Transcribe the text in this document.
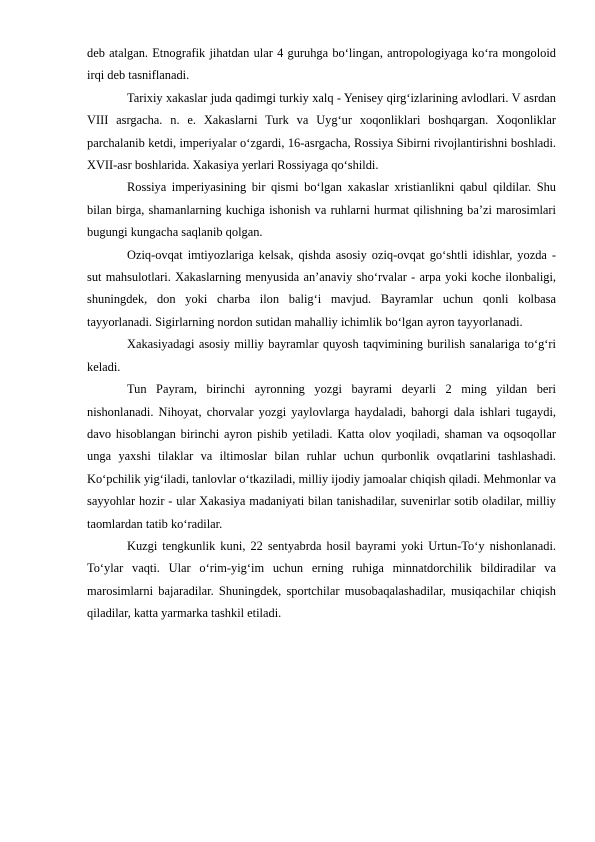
deb atalgan. Etnografik jihatdan ular 4 guruhga bo‘lingan, antropologiyaga ko‘ra mongoloid irqi deb tasniflanadi.

Tarixiy xakaslar juda qadimgi turkiy xalq - Yenisey qirg‘izlarining avlodlari. V asrdan VIII asrgacha. n. e. Xakaslarni Turk va Uyg‘ur xoqonliklari boshqargan. Xoqonliklar parchalanib ketdi, imperiyalar o‘zgardi, 16-asrgacha, Rossiya Sibirni rivojlantirishni boshladi. XVII-asr boshlarida. Xakasiya yerlari Rossiyaga qo‘shildi.

Rossiya imperiyasining bir qismi bo‘lgan xakaslar xristianlikni qabul qildilar. Shu bilan birga, shamanlarning kuchiga ishonish va ruhlarni hurmat qilishning ba’zi marosimlari bugungi kungacha saqlanib qolgan.

Oziq-ovqat imtiyozlariga kelsak, qishda asosiy oziq-ovqat go‘shtli idishlar, yozda - sut mahsulotlari. Xakaslarning menyusida an’anaviy sho‘rvalar - arpa yoki koche ilonbaligi, shuningdek, don yoki charba ilon balig‘i mavjud. Bayramlar uchun qonli kolbasa tayyorlanadi. Sigirlarning nordon sutidan mahalliy ichimlik bo‘lgan ayron tayyorlanadi.

Xakasiyadagi asosiy milliy bayramlar quyosh taqvimining burilish sanalariga to‘g‘ri keladi.

Tun Payram, birinchi ayronning yozgi bayrami deyarli 2 ming yildan beri nishonlanadi. Nihoyat, chorvalar yozgi yaylovlarga haydaladi, bahorgi dala ishlari tugaydi, davo hisoblangan birinchi ayron pishib yetiladi. Katta olov yoqiladi, shaman va oqsoqollar unga yaxshi tilaklar va iltimoslar bilan ruhlar uchun qurbonlik ovqatlarini tashlashadi. Ko‘pchilik yig‘iladi, tanlovlar o‘tkaziladi, milliy ijodiy jamoalar chiqish qiladi. Mehmonlar va sayyohlar hozir - ular Xakasiya madaniyati bilan tanishadilar, suvenirlar sotib oladilar, milliy taomlardan tatib ko‘radilar.

Kuzgi tengkunlik kuni, 22 sentyabrda hosil bayrami yoki Urtun-To‘y nishonlanadi. To‘ylar vaqti. Ular o‘rim-yig‘im uchun erning ruhiga minnatdorchilik bildiradilar va marosimlarni bajaradilar. Shuningdek, sportchilar musobaqalashadilar, musiqachilar chiqish qiladilar, katta yarmarka tashkil etiladi.
